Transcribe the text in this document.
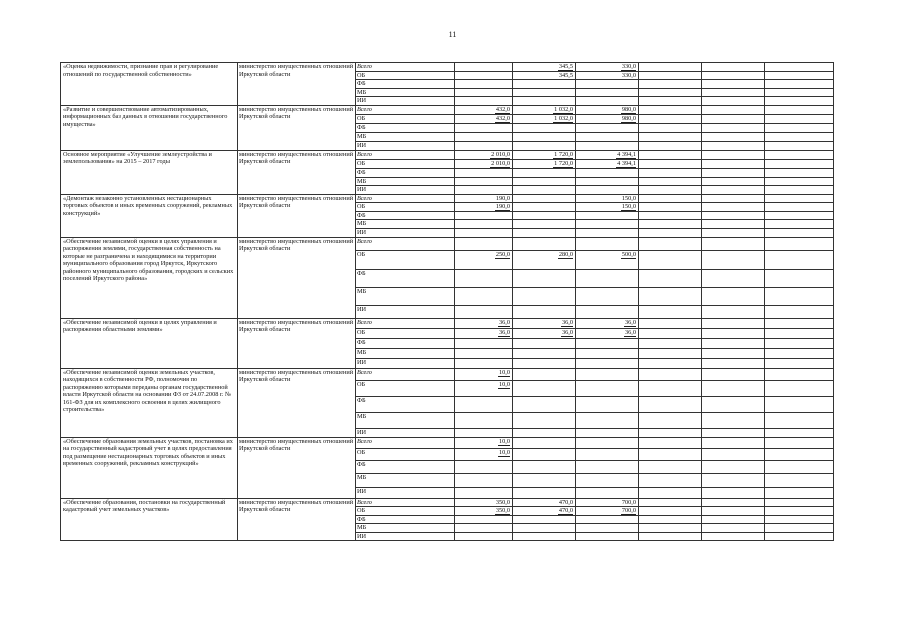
11
«Оценка недвижимости, признание прав и регулирование отношений по государственной собственности»	министерство имущественных отношений Иркутской области	Всего		345,5	330,0			
		ОБ		345,5	330,0			
		ФБ						
		МБ						
		ИИ						
«Развитие и совершенствование автоматизированных, информационных баз данных в отношении государственного имущества»	министерство имущественных отношений Иркутской области	Всего	432,0	1 032,0	980,0			
		ОБ	432,0	1 032,0	980,0			
		ФБ						
		МБ						
		ИИ						
Основное мероприятие «Улучшение землеустройства и землепользования» на 2015 – 2017 годы	министерство имущественных отношений Иркутской области	Всего	2 010,0	1 720,0	4 394,1			
		ОБ	2 010,0	1 720,0	4 394,1			
		ФБ						
		МБ						
		ИИ						
«Демонтаж незаконно установленных нестационарных торговых объектов и иных временных сооружений, рекламных конструкций»	министерство имущественных отношений Иркутской области	Всего	190,0		150,0			
		ОБ	190,0		150,0			
		ФБ						
		МБ						
		ИИ						
«Обеспечение независимой оценки в целях управления и распоряжения землями, государственная собственность на которые не разграничена и находящимися на территории муниципального образования город Иркутск, Иркутского районного муниципального образования, городских и сельских поселений Иркутского района»	министерство имущественных отношений Иркутской области	Всего						
		ОБ	250,0	280,0	500,0			
		ФБ						
		МБ						
		ИИ						
«Обеспечение независимой оценки в целях управления и распоряжения областными землями»	министерство имущественных отношений Иркутской области	Всего	36,0	36,0	36,0			
		ОБ	36,0	36,0	36,0			
		ФБ						
		МБ						
		ИИ						
«Обеспечение независимой оценки земельных участков, находящихся в собственности РФ, полномочия по распоряжению которыми переданы органам государственной власти Иркутской области на основании ФЗ от 24.07.2008 г. № 161-ФЗ для их комплексного освоения в целях жилищного строительства»	министерство имущественных отношений Иркутской области	Всего	10,0					
		ОБ	10,0					
		ФБ						
		МБ						
		ИИ						
«Обеспечение образования земельных участков, постановка их на государственный кадастровый учет в целях предоставления под размещение нестационарных торговых объектов и иных временных сооружений, рекламных конструкций»	министерство имущественных отношений Иркутской области	Всего	10,0					
		ОБ	10,0					
		ФБ						
		МБ						
		ИИ						
«Обеспечение образования, постановки на государственный кадастровый учет земельных участков»	министерство имущественных отношений Иркутской области	Всего	350,0	470,0	700,0			
		ОБ	350,0	470,0	700,0			
		ФБ						
		МБ						
		ИИ						
